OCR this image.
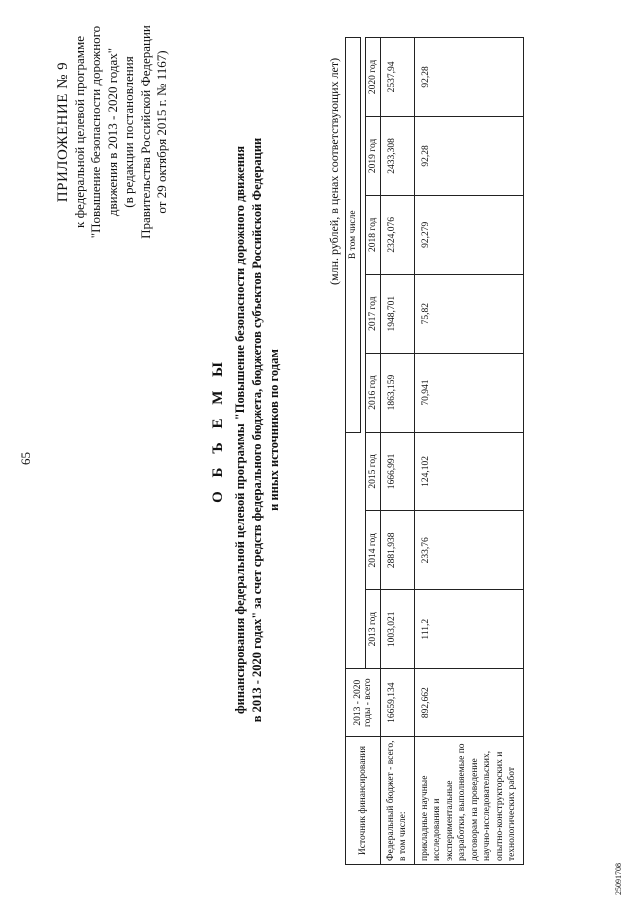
65
ПРИЛОЖЕНИЕ № 9 к федеральной целевой программе "Повышение безопасности дорожного движения в 2013 - 2020 годах" (в редакции постановления Правительства Российской Федерации от 29 октября 2015 г. № 1167)
О Б Ъ Е М Ы финансирования федеральной целевой программы "Повышение безопасности дорожного движения в 2013 - 2020 годах" за счет средств федерального бюджета, бюджетов субъектов Российской Федерации и иных источников по годам
(млн. рублей, в ценах соответствующих лет)
Источник финансирования	2013 - 2020 годы - всего				В том числе				

		2013 год	2014 год	2015 год	2016 год	2017 год	2018 год	2019 год	2020 год
Федеральный бюджет - всего, в том числе:	16659,134	1003,021	2881,938	1666,991	1863,159	1948,701	2324,076	2433,308	2537,94
прикладные научные исследования и экспериментальные разработки, выполняемые по договорам на проведение научно-исследовательских, опытно-конструкторских и технологических работ	892,662	111,2	233,76	124,102	70,941	75,82	92,279	92,28	92,28
25091708
